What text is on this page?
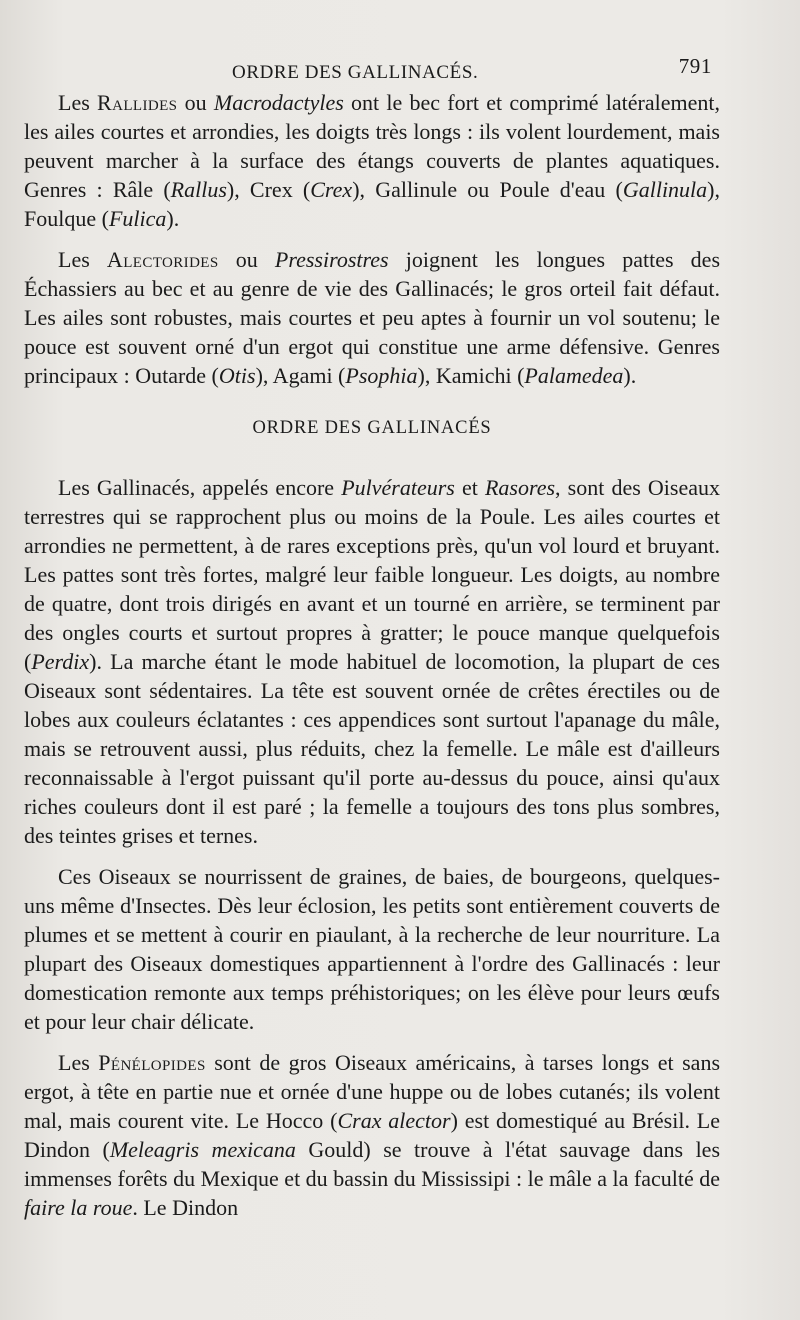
ORDRE DES GALLINACÉS.	791

Les Rallides ou Macrodactyles ont le bec fort et comprimé latéralement, les ailes courtes et arrondies, les doigts très longs : ils volent lourdement, mais peuvent marcher à la surface des étangs couverts de plantes aquatiques. Genres : Râle (Rallus), Crex (Crex), Gallinule ou Poule d'eau (Gallinula), Foulque (Fulica).

Les Alectorides ou Pressirostres joignent les longues pattes des Échassiers au bec et au genre de vie des Gallinacés; le gros orteil fait défaut. Les ailes sont robustes, mais courtes et peu aptes à fournir un vol soutenu; le pouce est souvent orné d'un ergot qui constitue une arme défensive. Genres principaux : Outarde (Otis), Agami (Psophia), Kamichi (Palamedea).

ORDRE DES GALLINACÉS

Les Gallinacés, appelés encore Pulvérateurs et Rasores, sont des Oiseaux terrestres qui se rapprochent plus ou moins de la Poule. Les ailes courtes et arrondies ne permettent, à de rares exceptions près, qu'un vol lourd et bruyant. Les pattes sont très fortes, malgré leur faible longueur. Les doigts, au nombre de quatre, dont trois dirigés en avant et un tourné en arrière, se terminent par des ongles courts et surtout propres à gratter; le pouce manque quelquefois (Perdix). La marche étant le mode habituel de locomotion, la plupart de ces Oiseaux sont sédentaires. La tête est souvent ornée de crêtes érectiles ou de lobes aux couleurs éclatantes : ces appendices sont surtout l'apanage du mâle, mais se retrouvent aussi, plus réduits, chez la femelle. Le mâle est d'ailleurs reconnaissable à l'ergot puissant qu'il porte au-dessus du pouce, ainsi qu'aux riches couleurs dont il est paré ; la femelle a toujours des tons plus sombres, des teintes grises et ternes.

Ces Oiseaux se nourrissent de graines, de baies, de bourgeons, quelques-uns même d'Insectes. Dès leur éclosion, les petits sont entièrement couverts de plumes et se mettent à courir en piaulant, à la recherche de leur nourriture. La plupart des Oiseaux domestiques appartiennent à l'ordre des Gallinacés : leur domestication remonte aux temps préhistoriques; on les élève pour leurs œufs et pour leur chair délicate.

Les Pénélopides sont de gros Oiseaux américains, à tarses longs et sans ergot, à tête en partie nue et ornée d'une huppe ou de lobes cutanés; ils volent mal, mais courent vite. Le Hocco (Crax alector) est domestiqué au Brésil. Le Dindon (Meleagris mexicana Gould) se trouve à l'état sauvage dans les immenses forêts du Mexique et du bassin du Mississipi : le mâle a la faculté de faire la roue. Le Dindon
